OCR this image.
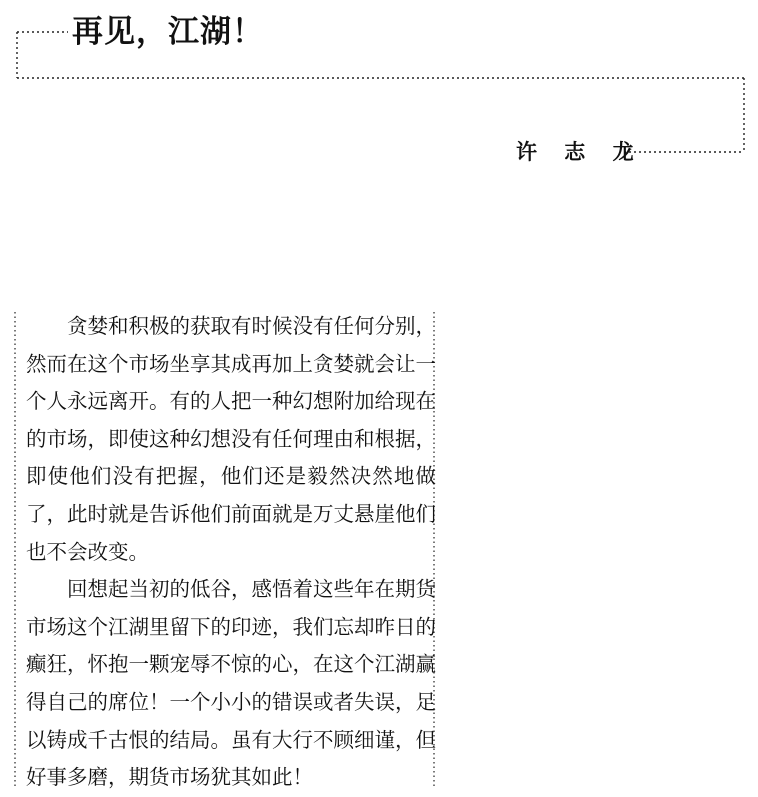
再见，江湖！
许 志 龙

贪婪和积极的获取有时候没有任何分别，然而在这个市场坐享其成再加上贪婪就会让一个人永远离开。有的人把一种幻想附加给现在的市场，即使这种幻想没有任何理由和根据，即使他们没有把握，他们还是毅然决然地做了，此时就是告诉他们前面就是万丈悬崖他们也不会改变。

回想起当初的低谷，感悟着这些年在期货市场这个江湖里留下的印迹，我们忘却昨日的癫狂，怀抱一颗宠辱不惊的心，在这个江湖赢得自己的席位！一个小小的错误或者失误，足以铸成千古恨的结局。虽有大行不顾细谨，但好事多磨，期货市场犹其如此！
